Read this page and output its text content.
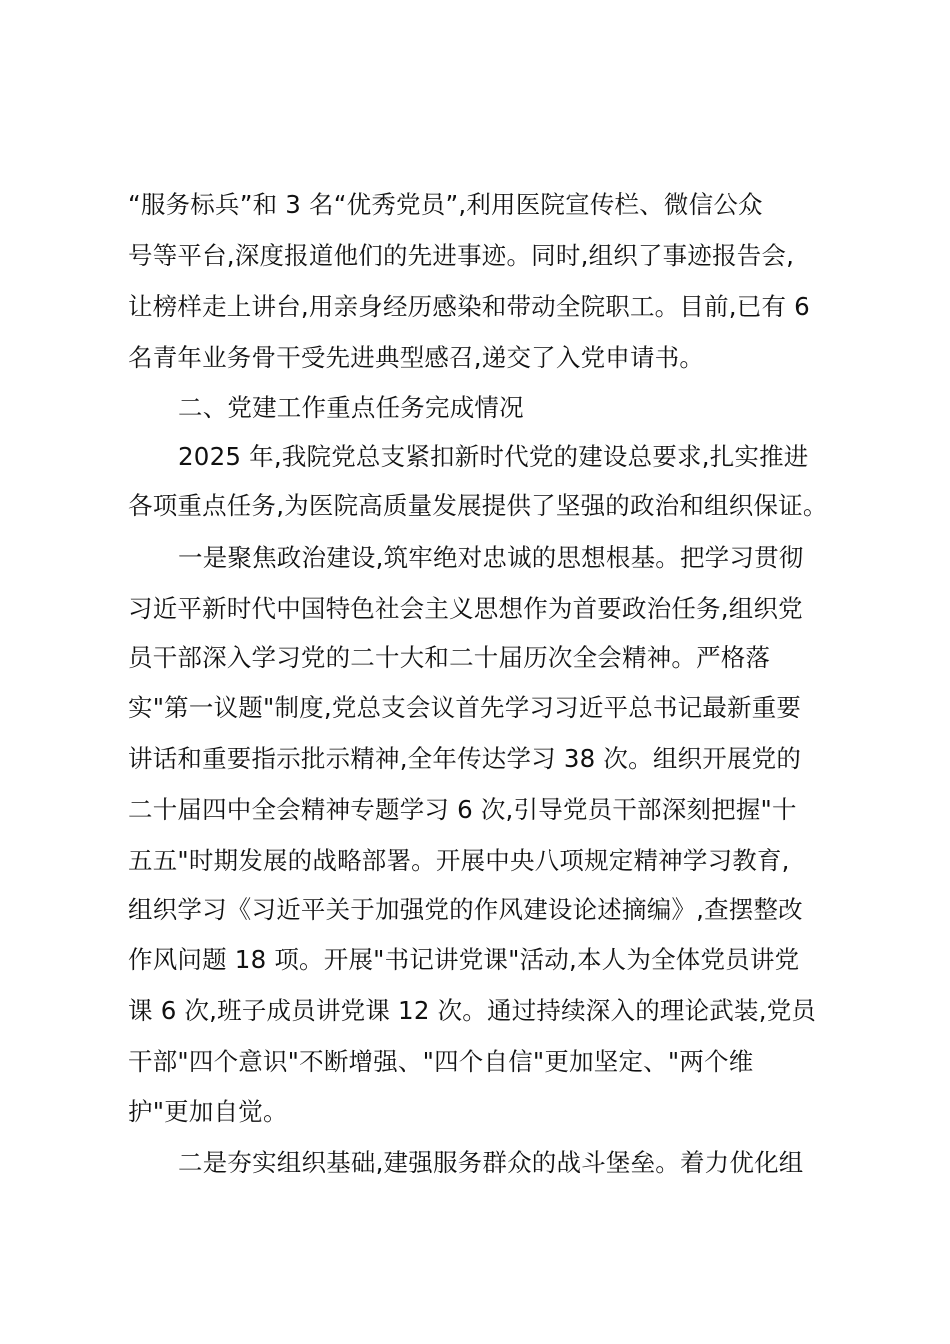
“服务标兵”和 3 名“优秀党员”,利用医院宣传栏、微信公众
号等平台,深度报道他们的先进事迹。同时,组织了事迹报告会,
让榜样走上讲台,用亲身经历感染和带动全院职工。目前,已有 6
名青年业务骨干受先进典型感召,递交了入党申请书。
二、党建工作重点任务完成情况
2025 年,我院党总支紧扣新时代党的建设总要求,扎实推进
各项重点任务,为医院高质量发展提供了坚强的政治和组织保证。
一是聚焦政治建设,筑牢绝对忠诚的思想根基。把学习贯彻
习近平新时代中国特色社会主义思想作为首要政治任务,组织党
员干部深入学习党的二十大和二十届历次全会精神。严格落
实"第一议题"制度,党总支会议首先学习习近平总书记最新重要
讲话和重要指示批示精神,全年传达学习 38 次。组织开展党的
二十届四中全会精神专题学习 6 次,引导党员干部深刻把握"十
五五"时期发展的战略部署。开展中央八项规定精神学习教育,
组织学习《习近平关于加强党的作风建设论述摘编》,查摆整改
作风问题 18 项。开展"书记讲党课"活动,本人为全体党员讲党
课 6 次,班子成员讲党课 12 次。通过持续深入的理论武装,党员
干部"四个意识"不断增强、"四个自信"更加坚定、"两个维
护"更加自觉。
二是夯实组织基础,建强服务群众的战斗堡垒。着力优化组
